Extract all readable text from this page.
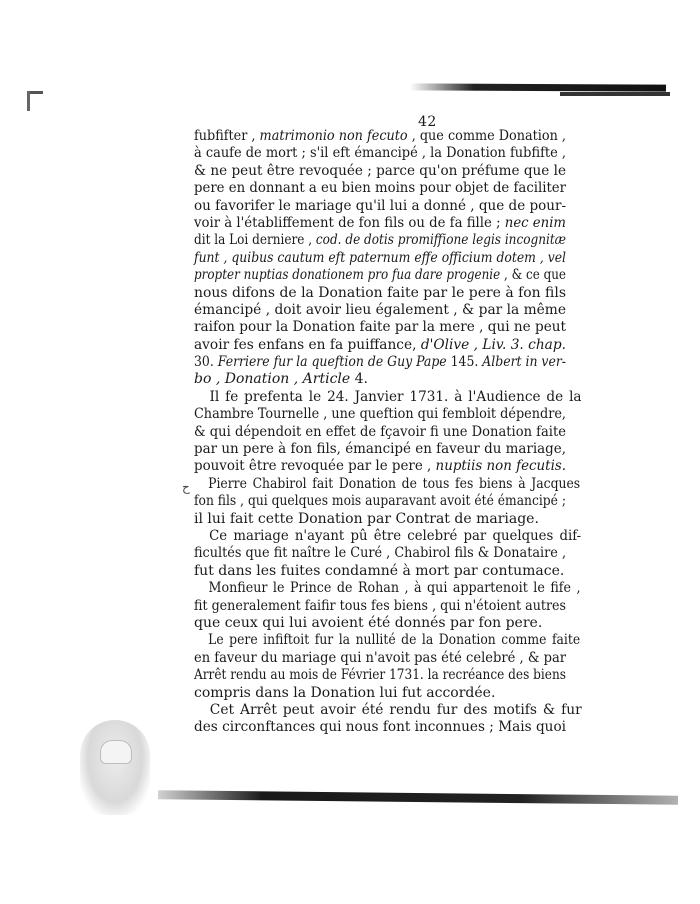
42
ح
fubfifter , matrimonio non fecuto , que comme Donation ,
à caufe de mort ; s'il eft émancipé , la Donation fubfifte ,
& ne peut être revoquée ; parce qu'on préfume que le
pere en donnant a eu bien moins pour objet de faciliter
ou favorifer le mariage qu'il lui a donné , que de pour-
voir à l'établiffement de fon fils ou de fa fille ; nec enim
dit la Loi derniere , cod. de dotis promiffione legis incognitæ
funt , quibus cautum eft paternum effe officium dotem , vel
propter nuptias donationem pro fua dare progenie , & ce que
nous difons de la Donation faite par le pere à fon fils
émancipé , doit avoir lieu également , & par la même
raifon pour la Donation faite par la mere , qui ne peut
avoir fes enfans en fa puiffance, d'Olive , Liv. 3. chap.
30. Ferriere fur la queftion de Guy Pape 145. Albert in ver-
bo , Donation , Article 4.
Il fe prefenta le 24. Janvier 1731. à l'Audience de la
Chambre Tournelle , une queftion qui fembloit dépendre,
& qui dépendoit en effet de fçavoir fi une Donation faite
par un pere à fon fils, émancipé en faveur du mariage,
pouvoit être revoquée par le pere , nuptiis non fecutis.
Pierre Chabirol fait Donation de tous fes biens à Jacques
fon fils , qui quelques mois auparavant avoit été émancipé ;
il lui fait cette Donation par Contrat de mariage.
Ce mariage n'ayant pû être celebré par quelques dif-
ficultés que fit naître le Curé , Chabirol fils & Donataire ,
fut dans les fuites condamné à mort par contumace.
Monfieur le Prince de Rohan , à qui appartenoit le fife ,
fit generalement faifir tous fes biens , qui n'étoient autres
que ceux qui lui avoient été donnés par fon pere.
Le pere infiftoit fur la nullité de la Donation comme faite
en faveur du mariage qui n'avoit pas été celebré , & par
Arrêt rendu au mois de Février 1731. la recréance des biens
compris dans la Donation lui fut accordée.
Cet Arrêt peut avoir été rendu fur des motifs & fur
des circonftances qui nous font inconnues ; Mais quoi
